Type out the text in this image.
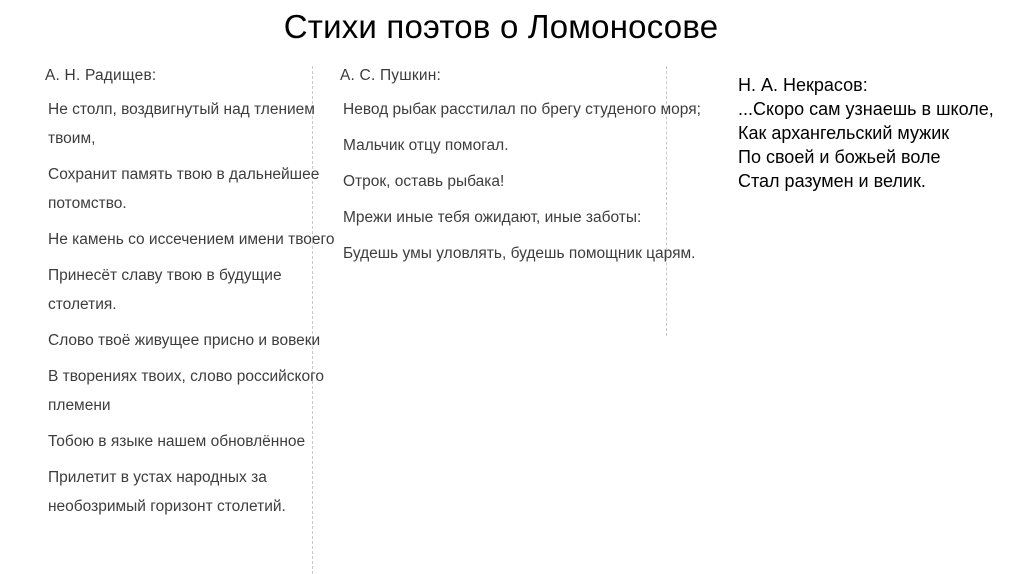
Стихи поэтов о Ломоносове
А. Н. Радищев:
Не столп, воздвигнутый над тлением твоим,
Сохранит память твою в дальнейшее потомство.
Не камень со иссечением имени твоего
Принесёт славу твою в будущие столетия.
Слово твоё живущее присно и вовеки
В творениях твоих, слово российского племени
Тобою в языке нашем обновлённое
Прилетит в устах народных за необозримый горизонт столетий.
А. С. Пушкин:
Невод рыбак расстилал по брегу студеного моря;
Мальчик отцу помогал.
Отрок, оставь рыбака!
Мрежи иные тебя ожидают, иные заботы:
Будешь умы уловлять, будешь помощник царям.
Н. А. Некрасов:
...Скоро сам узнаешь в школе,
Как архангельский мужик
По своей и божьей воле
Стал разумен и велик.
